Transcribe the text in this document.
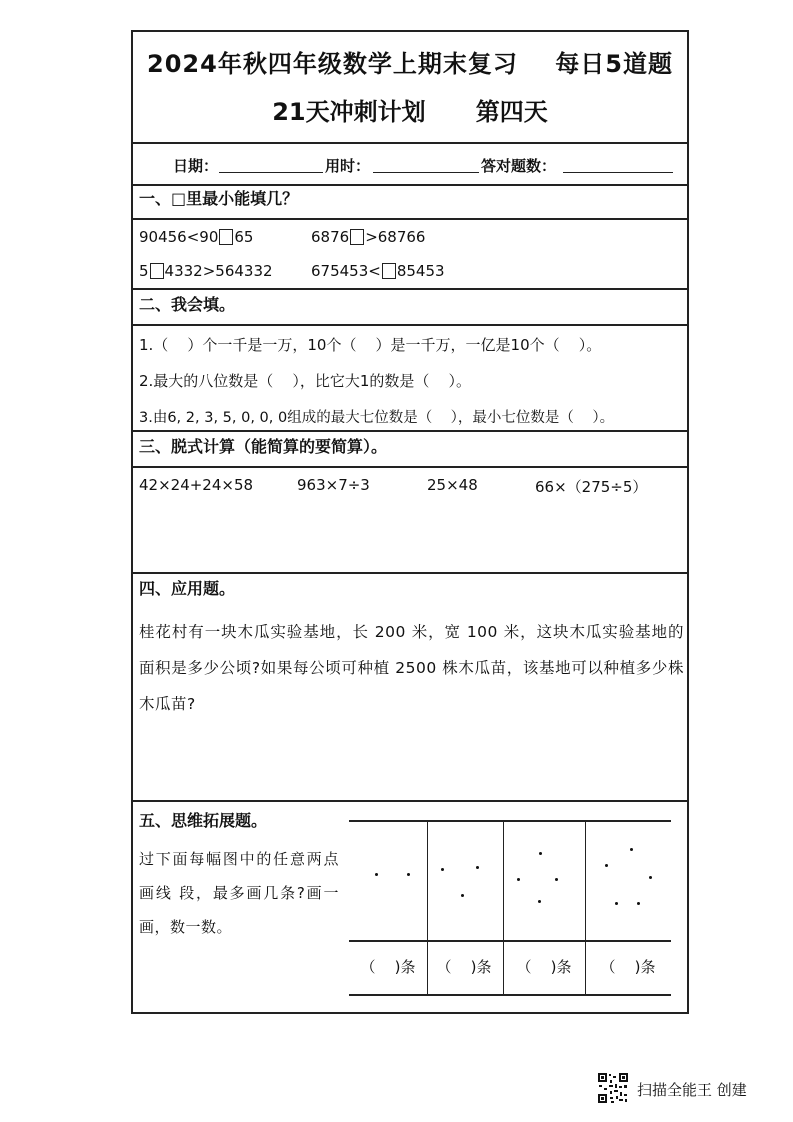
2024年秋四年级数学上期末复习    每日5道题
21天冲刺计划      第四天
日期：	用时：	答对题数：
一、□里最小能填几？
90456<90 65	6876 >68766
5 4332>564332	675453< 85453
二、我会填。
1.（    ）个一千是一万，10个（    ）是一千万，一亿是10个（    ）。
2.最大的八位数是（    ），比它大1的数是（    ）。
3.由6, 2, 3, 5, 0, 0, 0组成的最大七位数是（    ），最小七位数是（    ）。
三、脱式计算（能简算的要简算）。
42×24+24×58	963×7÷3	25×48	66×（275÷5）
四、应用题。
桂花村有一块木瓜实验基地，长 200 米，宽 100 米，这块木瓜实验基地的面积是多少公顷?如果每公顷可种植 2500 株木瓜苗，该基地可以种植多少株木瓜苗?
五、思维拓展题。
过下面每幅图中的任意两点画线 段，最多画几条?画一画，数一数。
（    )条	（    )条	（    )条	（    )条
扫描全能王 创建
